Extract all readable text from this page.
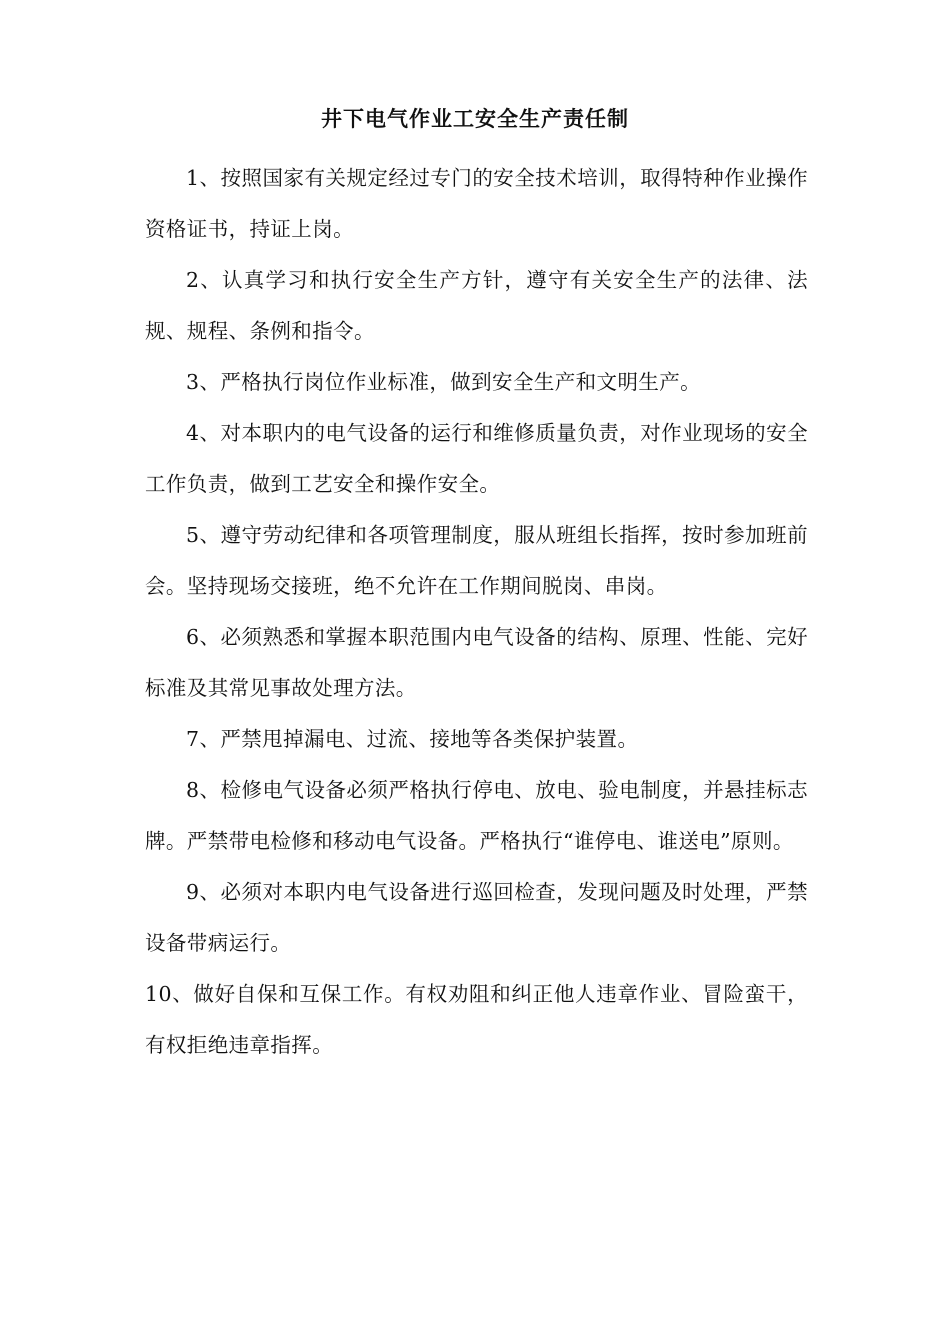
井下电气作业工安全生产责任制

1、按照国家有关规定经过专门的安全技术培训，取得特种作业操作资格证书，持证上岗。

2、认真学习和执行安全生产方针，遵守有关安全生产的法律、法规、规程、条例和指令。

3、严格执行岗位作业标准，做到安全生产和文明生产。

4、对本职内的电气设备的运行和维修质量负责，对作业现场的安全工作负责，做到工艺安全和操作安全。

5、遵守劳动纪律和各项管理制度，服从班组长指挥，按时参加班前会。坚持现场交接班，绝不允许在工作期间脱岗、串岗。

6、必须熟悉和掌握本职范围内电气设备的结构、原理、性能、完好标准及其常见事故处理方法。

7、严禁甩掉漏电、过流、接地等各类保护装置。

8、检修电气设备必须严格执行停电、放电、验电制度，并悬挂标志牌。严禁带电检修和移动电气设备。严格执行“谁停电、谁送电”原则。

9、必须对本职内电气设备进行巡回检查，发现问题及时处理，严禁设备带病运行。

10、做好自保和互保工作。有权劝阻和纠正他人违章作业、冒险蛮干，有权拒绝违章指挥。
